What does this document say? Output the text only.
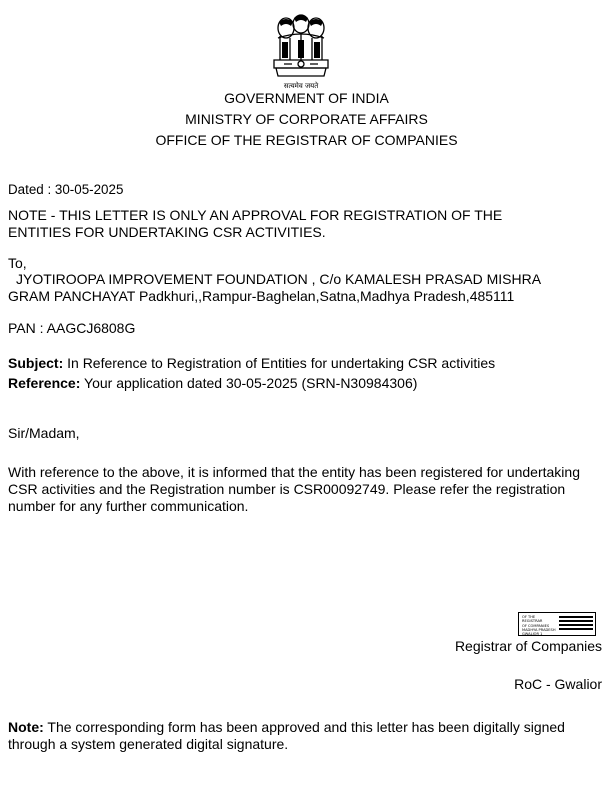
सत्यमेव जयते
GOVERNMENT OF INDIA
MINISTRY OF CORPORATE AFFAIRS
OFFICE OF THE REGISTRAR OF COMPANIES
Dated : 30-05-2025
NOTE - THIS LETTER IS ONLY AN APPROVAL FOR REGISTRATION OF THE
ENTITIES FOR UNDERTAKING CSR ACTIVITIES.
To,
JYOTIROOPA IMPROVEMENT FOUNDATION , C/o KAMALESH PRASAD MISHRA
GRAM PANCHAYAT Padkhuri,,Rampur-Baghelan,Satna,Madhya Pradesh,485111
PAN : AAGCJ6808G
Subject: In Reference to Registration of Entities for undertaking CSR activities
Reference: Your application dated 30-05-2025 (SRN-N30984306)
Sir/Madam,
With reference to the above, it is informed that the entity has been registered for undertaking
CSR activities and the Registration number is CSR00092749. Please refer the registration
number for any further communication.
OF THE REGISTRAR
OF COMPANIES
MADHYA PRADESH
GWALIOR 1
Registrar of Companies
RoC - Gwalior
Note: The corresponding form has been approved and this letter has been digitally signed
through a system generated digital signature.
